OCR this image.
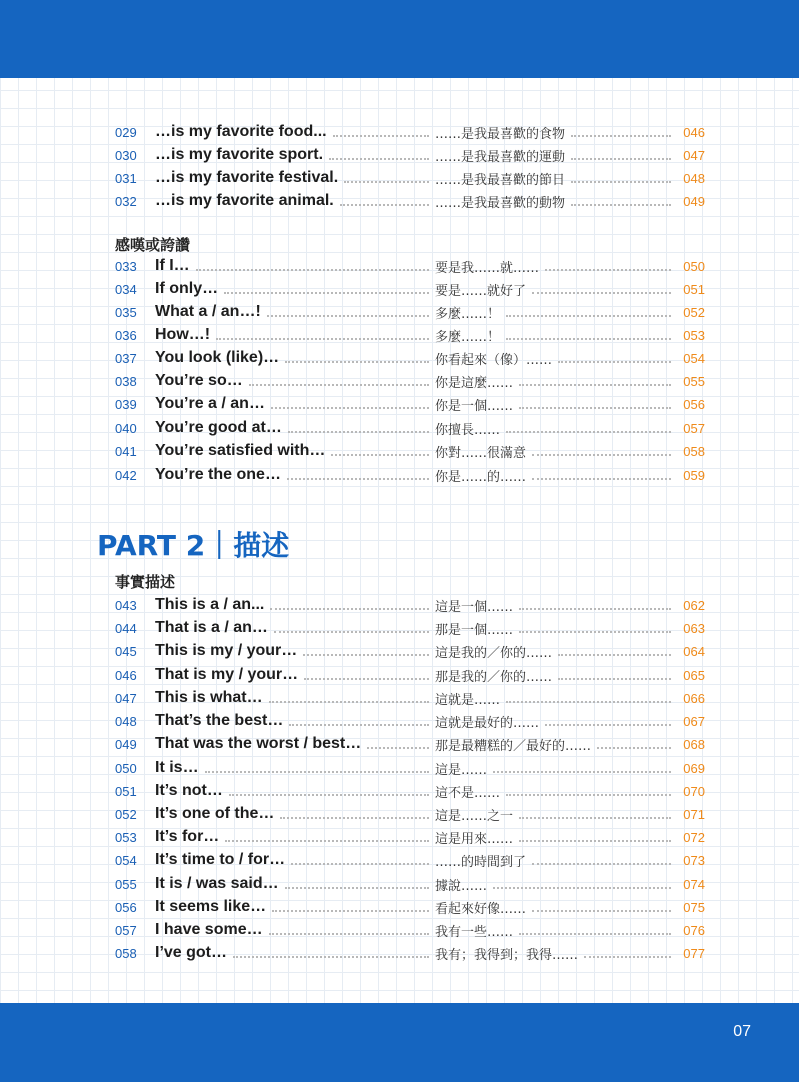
029	…is my favorite food...	……是我最喜歡的食物	046
030	…is my favorite sport.	……是我最喜歡的運動	047
031	…is my favorite festival.	……是我最喜歡的節日	048
032	…is my favorite animal.	……是我最喜歡的動物	049
感嘆或誇讚
033	If I…	要是我……就……	050
034	If only…	要是……就好了	051
035	What a / an…!	多麼……！	052
036	How…!	多麼……！	053
037	You look (like)…	你看起來（像）……	054
038	You’re so…	你是這麼……	055
039	You’re a / an…	你是一個……	056
040	You’re good at…	你擅長……	057
041	You’re satisfied with…	你對……很滿意	058
042	You’re the one…	你是……的……	059
PART 2｜描述
事實描述
043	This is a / an...	這是一個……	062
044	That is a / an…	那是一個……	063
045	This is my / your…	這是我的／你的……	064
046	That is my / your…	那是我的／你的……	065
047	This is what…	這就是……	066
048	That’s the best…	這就是最好的……	067
049	That was the worst / best…	那是最糟糕的／最好的……	068
050	It is…	這是……	069
051	It’s not…	這不是……	070
052	It’s one of the…	這是……之一	071
053	It’s for…	這是用來……	072
054	It’s time to / for…	……的時間到了	073
055	It is / was said…	據說……	074
056	It seems like…	看起來好像……	075
057	I have some…	我有一些……	076
058	I’ve got…	我有；我得到；我得……	077
07
